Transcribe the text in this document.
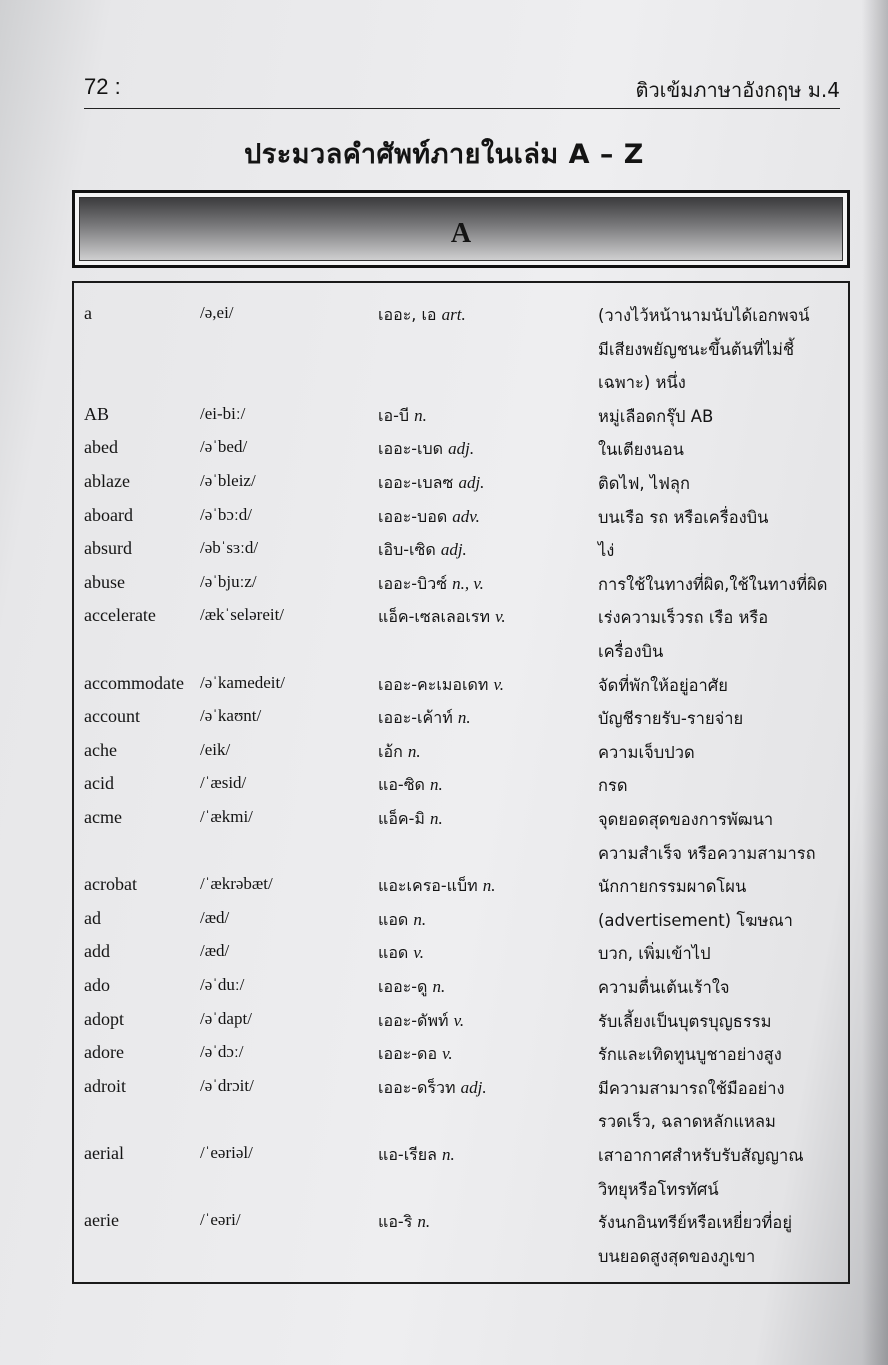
72 :	ติวเข้มภาษาอังกฤษ ม.4
ประมวลคำศัพท์ภายในเล่ม A – Z
A
a	/ə,ei/	เออะ, เอ art.	(วางไว้หน้านามนับได้เอกพจน์
มีเสียงพยัญชนะขึ้นต้นที่ไม่ชี้
เฉพาะ) หนึ่ง
AB	/ei-biː/	เอ-บี n.	หมู่เลือดกรุ๊ป AB
abed	/əˈbed/	เออะ-เบด adj.	ในเตียงนอน
ablaze	/əˈbleiz/	เออะ-เบลซ adj.	ติดไฟ, ไฟลุก
aboard	/əˈbɔːd/	เออะ-บอด adv.	บนเรือ รถ หรือเครื่องบิน
absurd	/əbˈsɜːd/	เอิบ-เซิด adj.	ไง่
abuse	/əˈbjuːz/	เออะ-บิวซ์ n., v.	การใช้ในทางที่ผิด,ใช้ในทางที่ผิด
accelerate	/ækˈseləreit/	แอ็ค-เซลเลอเรท v.	เร่งความเร็วรถ เรือ หรือ
เครื่องบิน
accommodate /əˈkamedeit/	เออะ-คะเมอเดท v.	จัดที่พักให้อยู่อาศัย
account	/əˈkaʊnt/	เออะ-เค้าท์ n.	บัญชีรายรับ-รายจ่าย
ache	/eik/	เอ้ก n.	ความเจ็บปวด
acid	/ˈæsid/	แอ-ซิด n.	กรด
acme	/ˈækmi/	แอ็ค-มิ n.	จุดยอดสุดของการพัฒนา
ความสำเร็จ หรือความสามารถ
acrobat	/ˈækrəbæt/	แอะเครอ-แบ็ท n.	นักกายกรรมผาดโผน
ad	/æd/	แอด n.	(advertisement) โฆษณา
add	/æd/	แอด v.	บวก, เพิ่มเข้าไป
ado	/əˈduː/	เออะ-ดู n.	ความตื่นเต้นเร้าใจ
adopt	/əˈdapt/	เออะ-ดัพท์ v.	รับเลี้ยงเป็นบุตรบุญธรรม
adore	/əˈdɔː/	เออะ-ดอ v.	รักและเทิดทูนบูชาอย่างสูง
adroit	/əˈdrɔit/	เออะ-ดร็วท adj.	มีความสามารถใช้มืออย่าง
รวดเร็ว, ฉลาดหลักแหลม
aerial	/ˈeəriəl/	แอ-เรียล n.	เสาอากาศสำหรับรับสัญญาณ
วิทยุหรือโทรทัศน์
aerie	/ˈeəri/	แอ-ริ n.	รังนกอินทรีย์หรือเหยี่ยวที่อยู่
บนยอดสูงสุดของภูเขา
